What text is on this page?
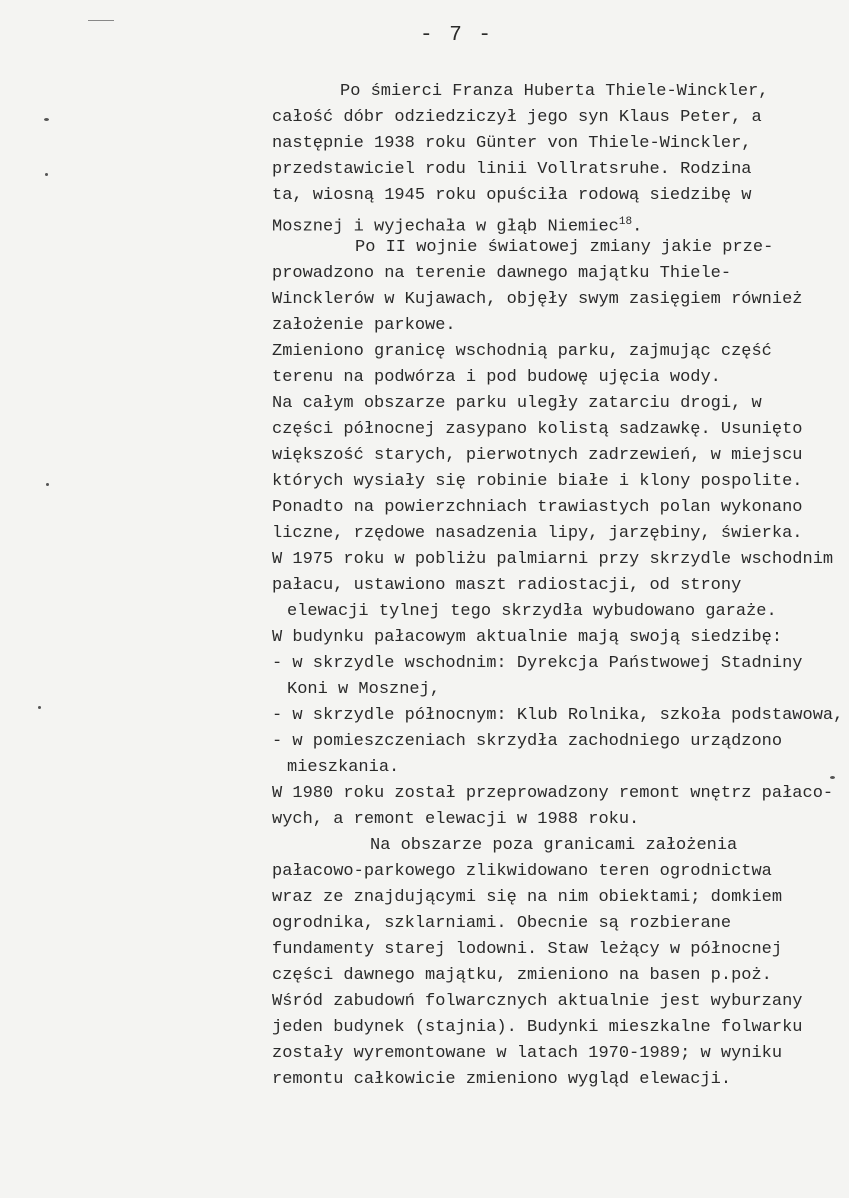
- 7 -
Po śmierci Franza Huberta Thiele-Winckler,
całość dóbr odziedziczył jego syn Klaus Peter, a
następnie 1938 roku Günter von Thiele-Winckler,
przedstawiciel rodu linii Vollratsruhe. Rodzina
ta, wiosną 1945 roku opuściła rodową siedzibę w
Mosznej i wyjechała w głąb Niemiec$^{18}$.
Po II wojnie światowej zmiany jakie prze-
prowadzono na terenie dawnego majątku Thiele-
Wincklerów w Kujawach, objęły swym zasięgiem również
założenie parkowe.
Zmieniono granicę wschodnią parku, zajmując część
terenu na podwórza i pod budowę ujęcia wody.
Na całym obszarze parku uległy zatarciu drogi, w
części północnej zasypano kolistą sadzawkę. Usunięto
większość starych, pierwotnych zadrzewień, w miejscu
których wysiały się robinie białe i klony pospolite.
Ponadto na powierzchniach trawiastych polan wykonano
liczne, rzędowe nasadzenia lipy, jarzębiny, świerka.
W 1975 roku w pobliżu palmiarni przy skrzydle wschodnim
pałacu, ustawiono maszt radiostacji, od strony
elewacji tylnej tego skrzydła wybudowano garaże.
W budynku pałacowym aktualnie mają swoją siedzibę:
- w skrzydle wschodnim: Dyrekcja Państwowej Stadniny
Koni w Mosznej,
- w skrzydle północnym: Klub Rolnika, szkoła podstawowa,
- w pomieszczeniach skrzydła zachodniego urządzono
mieszkania.
W 1980 roku został przeprowadzony remont wnętrz pałaco-
wych, a remont elewacji w 1988 roku.
Na obszarze poza granicami założenia
pałacowo-parkowego zlikwidowano teren ogrodnictwa
wraz ze znajdującymi się na nim obiektami; domkiem
ogrodnika, szklarniami. Obecnie są rozbierane
fundamenty starej lodowni. Staw leżący w północnej
części dawnego majątku, zmieniono na basen p.poż.
Wśród zabudowń folwarcznych aktualnie jest wyburzany
jeden budynek (stajnia). Budynki mieszkalne folwarku
zostały wyremontowane w latach 1970-1989; w wyniku
remontu całkowicie zmieniono wygląd elewacji.
